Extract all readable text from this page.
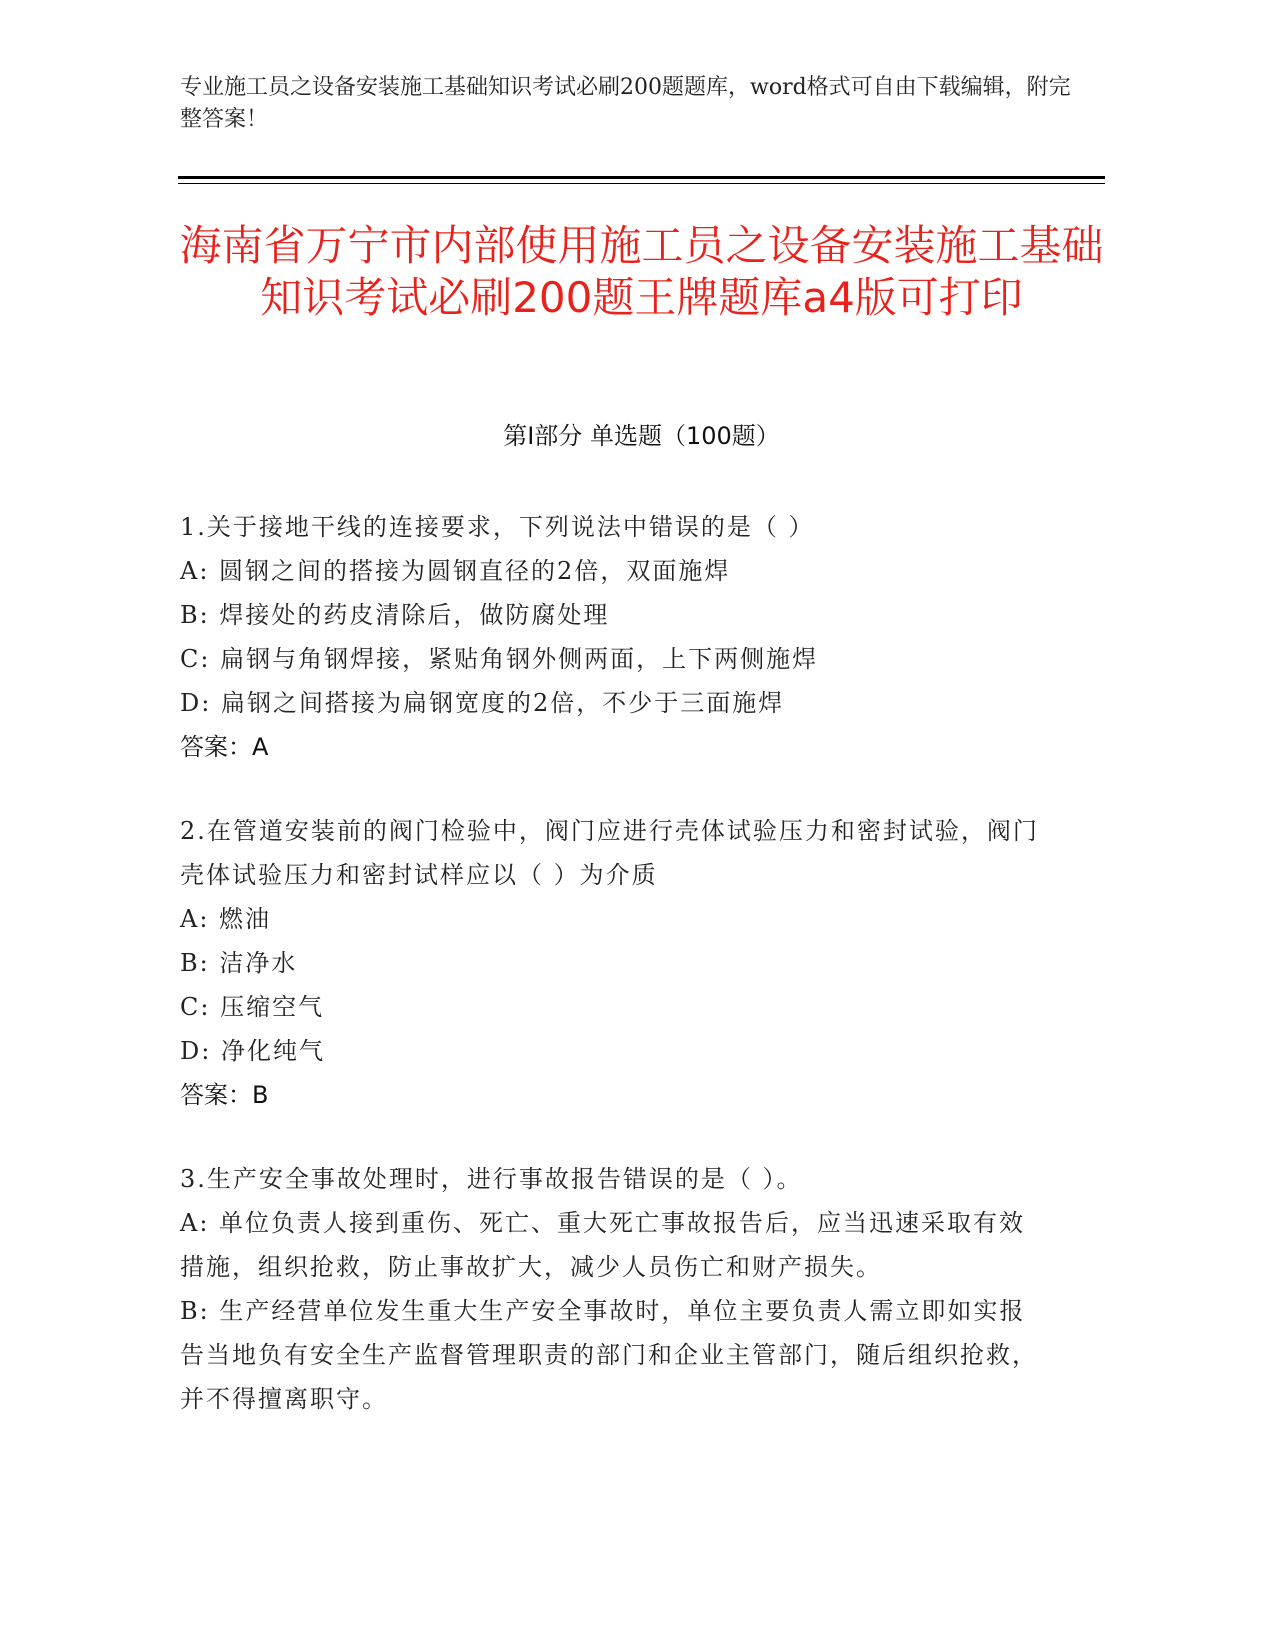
专业施工员之设备安装施工基础知识考试必刷200题题库，word格式可自由下载编辑，附完整答案！
海南省万宁市内部使用施工员之设备安装施工基础知识考试必刷200题王牌题库a4版可打印
第Ⅰ部分 单选题（100题）
1.关于接地干线的连接要求，下列说法中错误的是（ ）
A: 圆钢之间的搭接为圆钢直径的2倍，双面施焊
B: 焊接处的药皮清除后，做防腐处理
C: 扁钢与角钢焊接，紧贴角钢外侧两面，上下两侧施焊
D: 扁钢之间搭接为扁钢宽度的2倍，不少于三面施焊
答案：A
2.在管道安装前的阀门检验中，阀门应进行壳体试验压力和密封试验，阀门壳体试验压力和密封试样应以（ ）为介质
A: 燃油
B: 洁净水
C: 压缩空气
D: 净化纯气
答案：B
3.生产安全事故处理时，进行事故报告错误的是（ ）。
A: 单位负责人接到重伤、死亡、重大死亡事故报告后，应当迅速采取有效措施，组织抢救，防止事故扩大，减少人员伤亡和财产损失。
B: 生产经营单位发生重大生产安全事故时，单位主要负责人需立即如实报告当地负有安全生产监督管理职责的部门和企业主管部门，随后组织抢救，并不得擅离职守。
